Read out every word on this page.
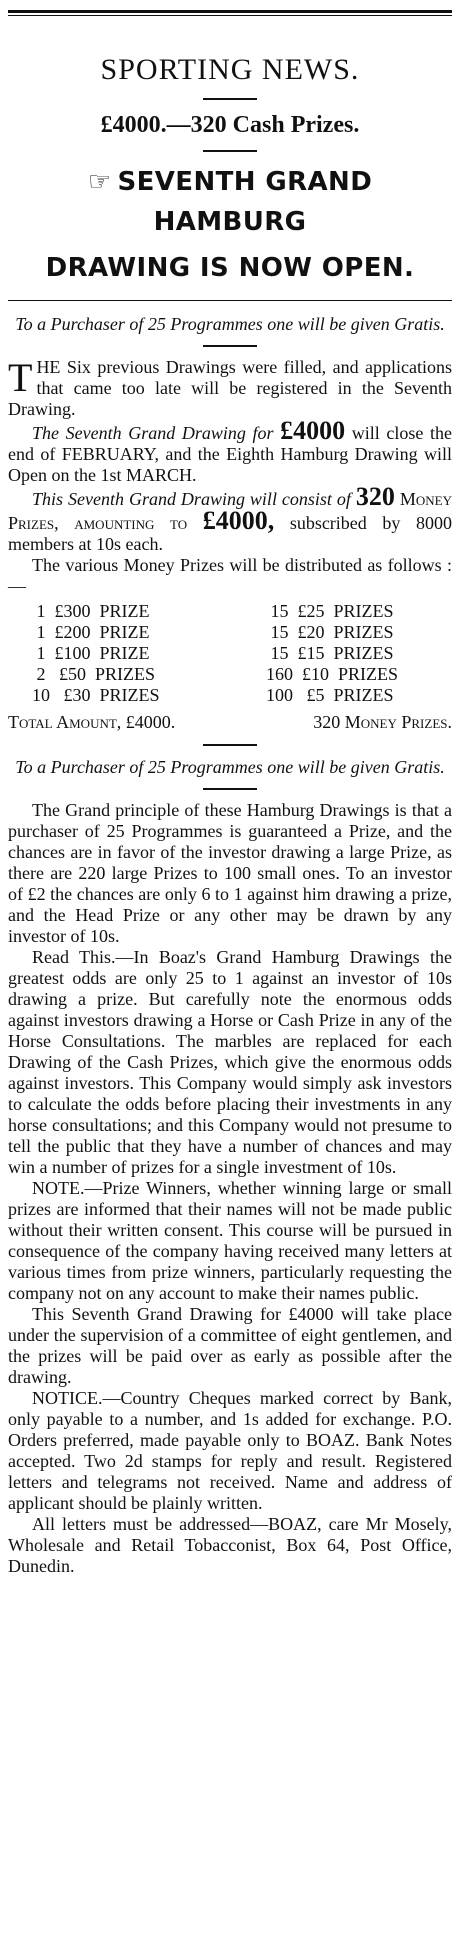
SPORTING NEWS.
£4000.—320 Cash Prizes.
☞ SEVENTH GRAND HAMBURG
DRAWING IS NOW OPEN.
To a Purchaser of 25 Programmes one will be given Gratis.

THE Six previous Drawings were filled, and applications that came too late will be registered in the Seventh Drawing.

The Seventh Grand Drawing for £4000 will close the end of FEBRUARY, and the Eighth Hamburg Drawing will Open on the 1st MARCH.

This Seventh Grand Drawing will consist of 320 Money Prizes, amounting to £4000, subscribed by 8000 members at 10s each.

The various Money Prizes will be distributed as follows :—

1  £300  PRIZE	15  £25  PRIZES
1  £200  PRIZE	15  £20  PRIZES
1  £100  PRIZE	15  £15  PRIZES
2   £50  PRIZES	160  £10  PRIZES
10   £30  PRIZES	100   £5  PRIZES
Total Amount, £4000.	320 Money Prizes.
To a Purchaser of 25 Programmes one will be given Gratis.

The Grand principle of these Hamburg Drawings is that a purchaser of 25 Programmes is guaranteed a Prize, and the chances are in favor of the investor drawing a large Prize, as there are 220 large Prizes to 100 small ones. To an investor of £2 the chances are only 6 to 1 against him drawing a prize, and the Head Prize or any other may be drawn by any investor of 10s.

Read This.—In Boaz's Grand Hamburg Drawings the greatest odds are only 25 to 1 against an investor of 10s drawing a prize. But carefully note the enormous odds against investors drawing a Horse or Cash Prize in any of the Horse Consultations. The marbles are replaced for each Drawing of the Cash Prizes, which give the enormous odds against investors. This Company would simply ask investors to calculate the odds before placing their investments in any horse consultations; and this Company would not presume to tell the public that they have a number of chances and may win a number of prizes for a single investment of 10s.

NOTE.—Prize Winners, whether winning large or small prizes are informed that their names will not be made public without their written consent. This course will be pursued in consequence of the company having received many letters at various times from prize winners, particularly requesting the company not on any account to make their names public.

This Seventh Grand Drawing for £4000 will take place under the supervision of a committee of eight gentlemen, and the prizes will be paid over as early as possible after the drawing.

NOTICE.—Country Cheques marked correct by Bank, only payable to a number, and 1s added for exchange. P.O. Orders preferred, made payable only to BOAZ. Bank Notes accepted. Two 2d stamps for reply and result. Registered letters and telegrams not received. Name and address of applicant should be plainly written.

All letters must be addressed—BOAZ, care Mr Mosely, Wholesale and Retail Tobacconist, Box 64, Post Office, Dunedin.
